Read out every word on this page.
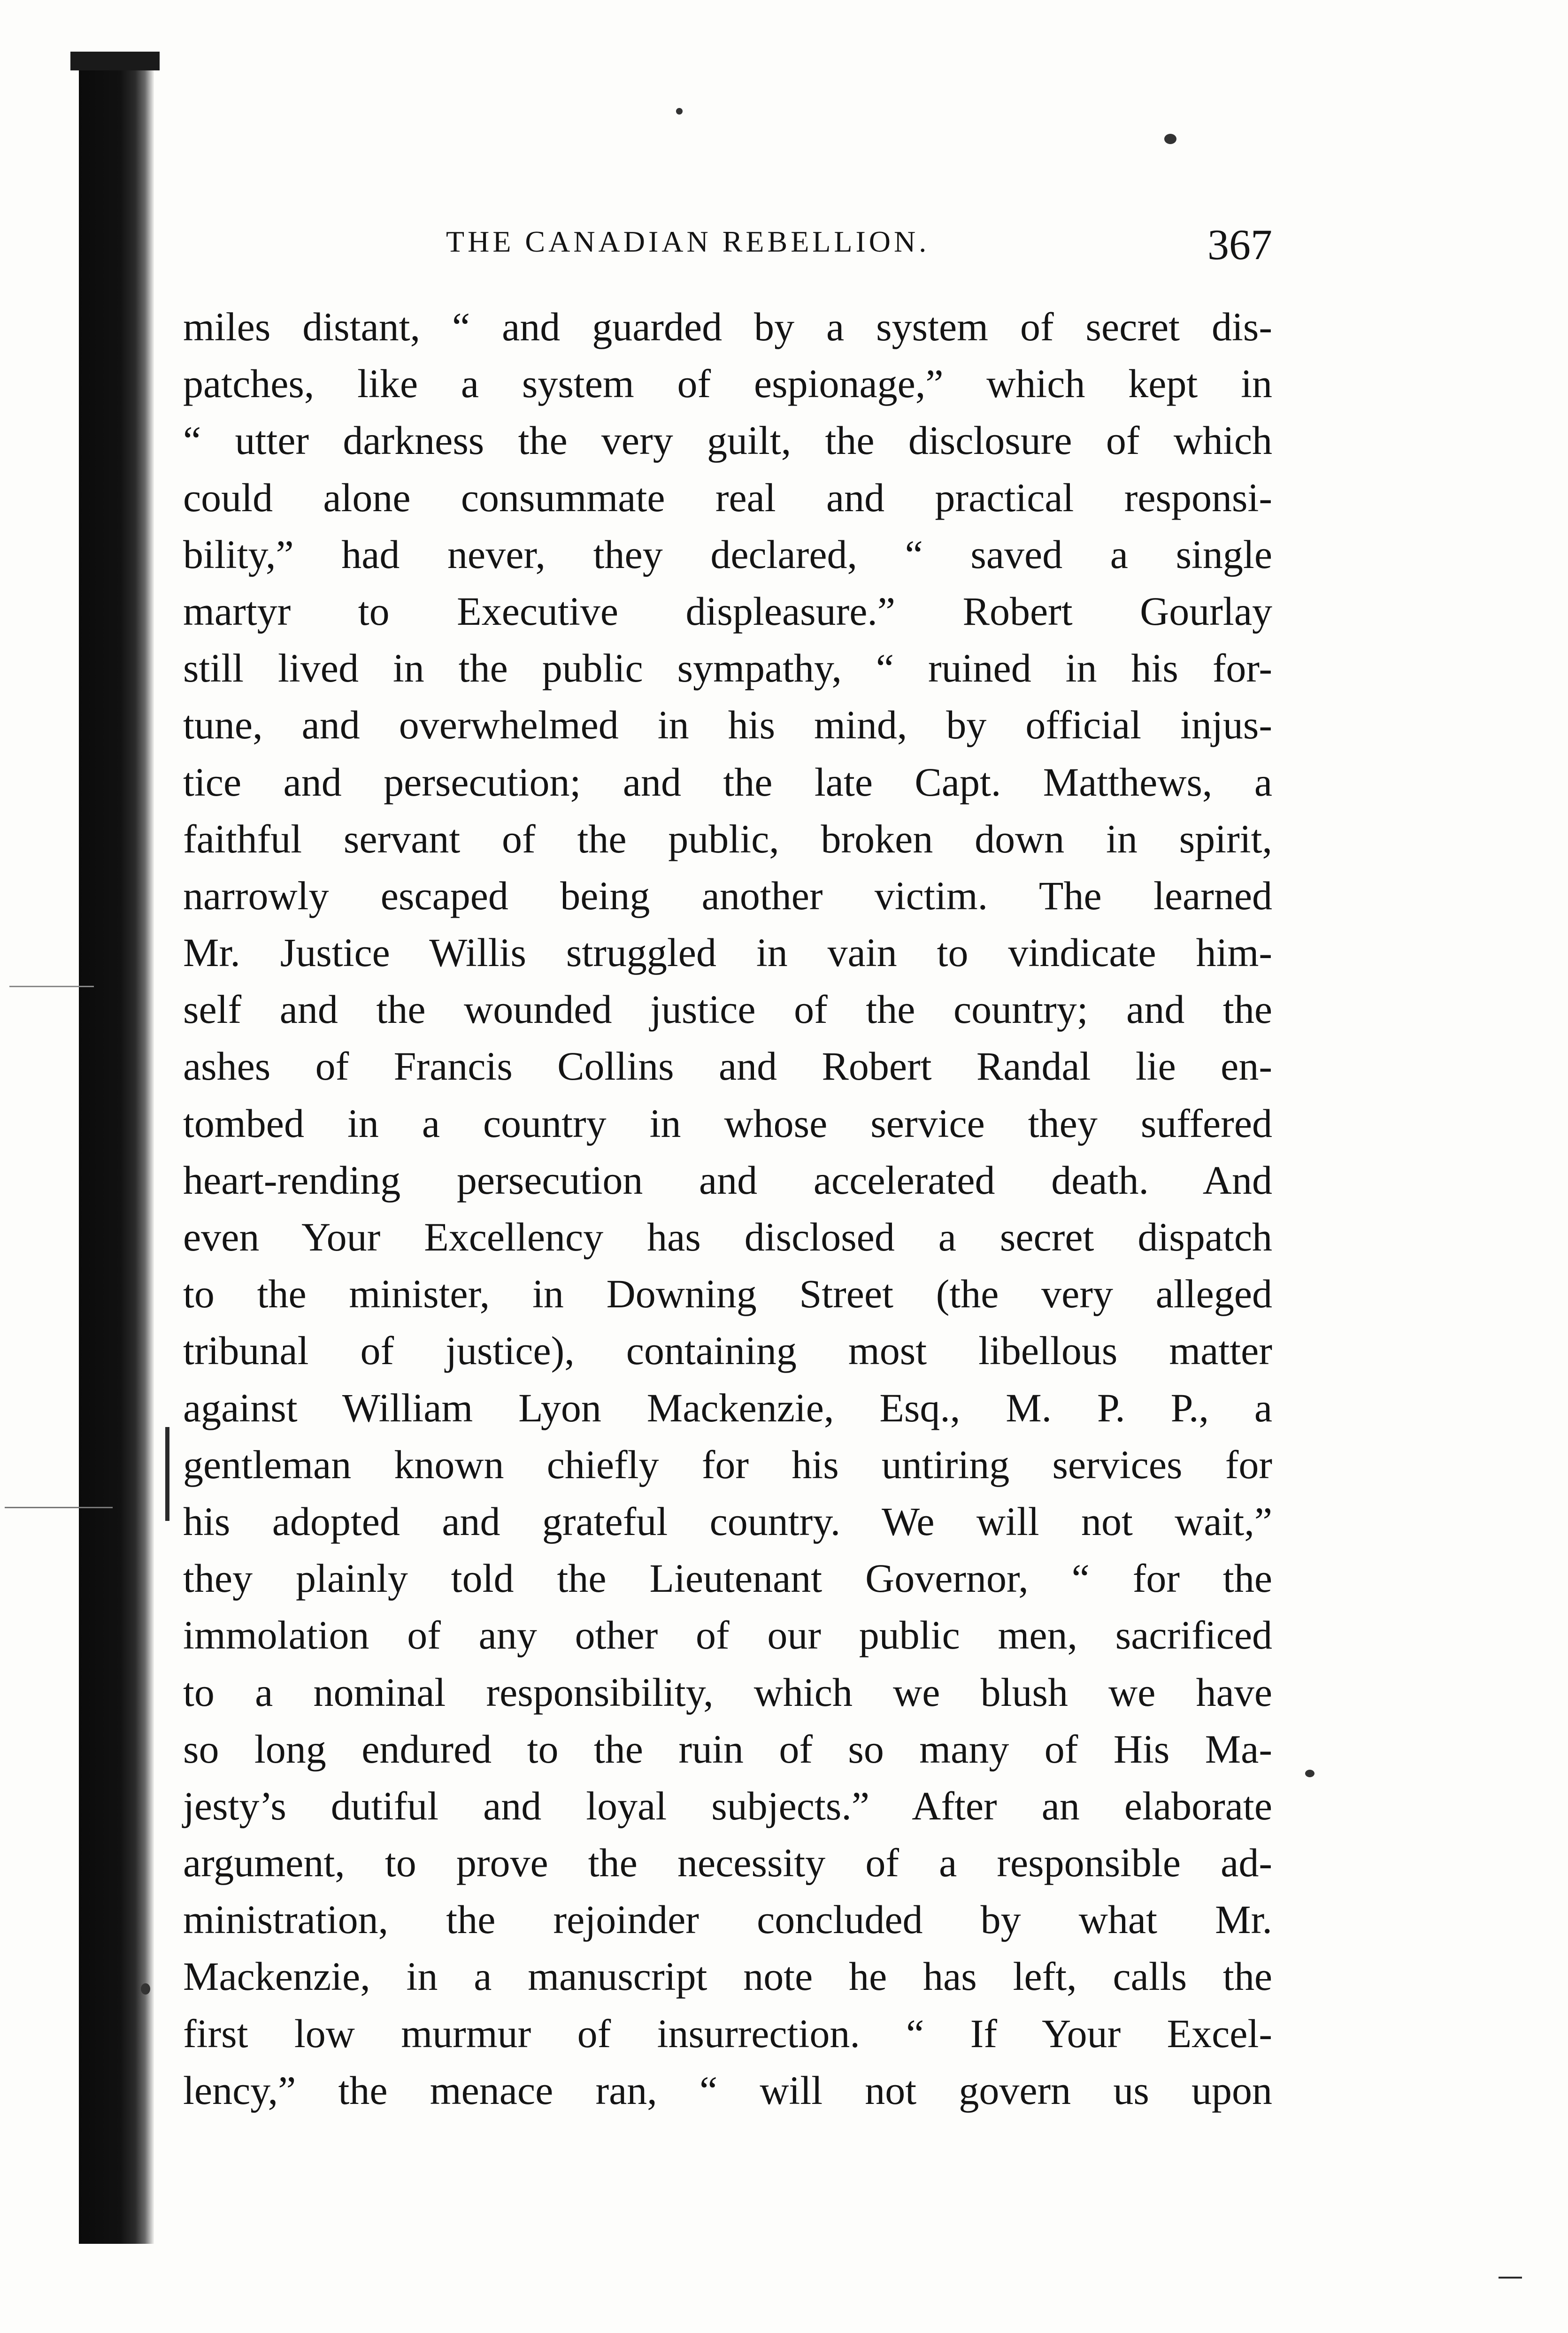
THE CANADIAN REBELLION.	367
miles distant, “ and guarded by a system of secret dis-
patches, like a system of espionage,” which kept in
“ utter darkness the very guilt, the disclosure of which
could alone consummate real and practical responsi-
bility,” had never, they declared, “ saved a single
martyr to Executive displeasure.” Robert Gourlay
still lived in the public sympathy, “ ruined in his for-
tune, and overwhelmed in his mind, by official injus-
tice and persecution; and the late Capt. Matthews, a
faithful servant of the public, broken down in spirit,
narrowly escaped being another victim. The learned
Mr. Justice Willis struggled in vain to vindicate him-
self and the wounded justice of the country; and the
ashes of Francis Collins and Robert Randal lie en-
tombed in a country in whose service they suffered
heart-rending persecution and accelerated death. And
even Your Excellency has disclosed a secret dispatch
to the minister, in Downing Street (the very alleged
tribunal of justice), containing most libellous matter
against William Lyon Mackenzie, Esq., M. P. P., a
gentleman known chiefly for his untiring services for
his adopted and grateful country. We will not wait,”
they plainly told the Lieutenant Governor, “ for the
immolation of any other of our public men, sacrificed
to a nominal responsibility, which we blush we have
so long endured to the ruin of so many of His Ma-
jesty’s dutiful and loyal subjects.” After an elaborate
argument, to prove the necessity of a responsible ad-
ministration, the rejoinder concluded by what Mr.
Mackenzie, in a manuscript note he has left, calls the
first low murmur of insurrection. “ If Your Excel-
lency,” the menace ran, “ will not govern us upon
